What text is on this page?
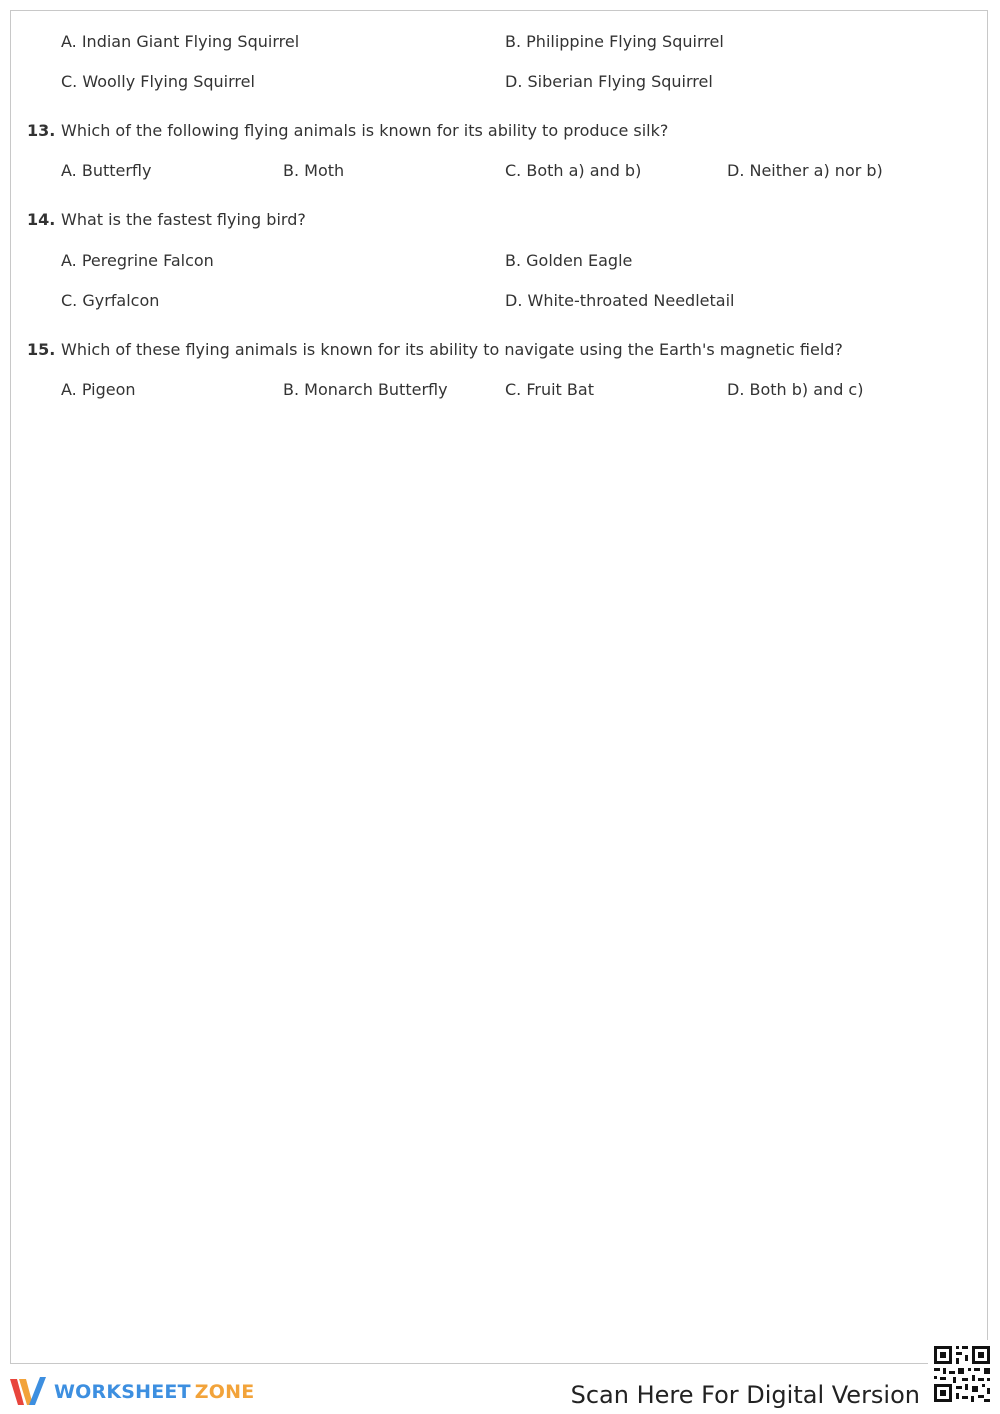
A. Indian Giant Flying Squirrel	B. Philippine Flying Squirrel
C. Woolly Flying Squirrel	D. Siberian Flying Squirrel
13. Which of the following flying animals is known for its ability to produce silk?
A. Butterfly	B. Moth	C. Both a) and b)	D. Neither a) nor b)
14. What is the fastest flying bird?
A. Peregrine Falcon	B. Golden Eagle
C. Gyrfalcon	D. White-throated Needletail
15. Which of these flying animals is known for its ability to navigate using the Earth's magnetic field?
A. Pigeon	B. Monarch Butterfly	C. Fruit Bat	D. Both b) and c)
WORKSHEET ZONE	Scan Here For Digital Version
